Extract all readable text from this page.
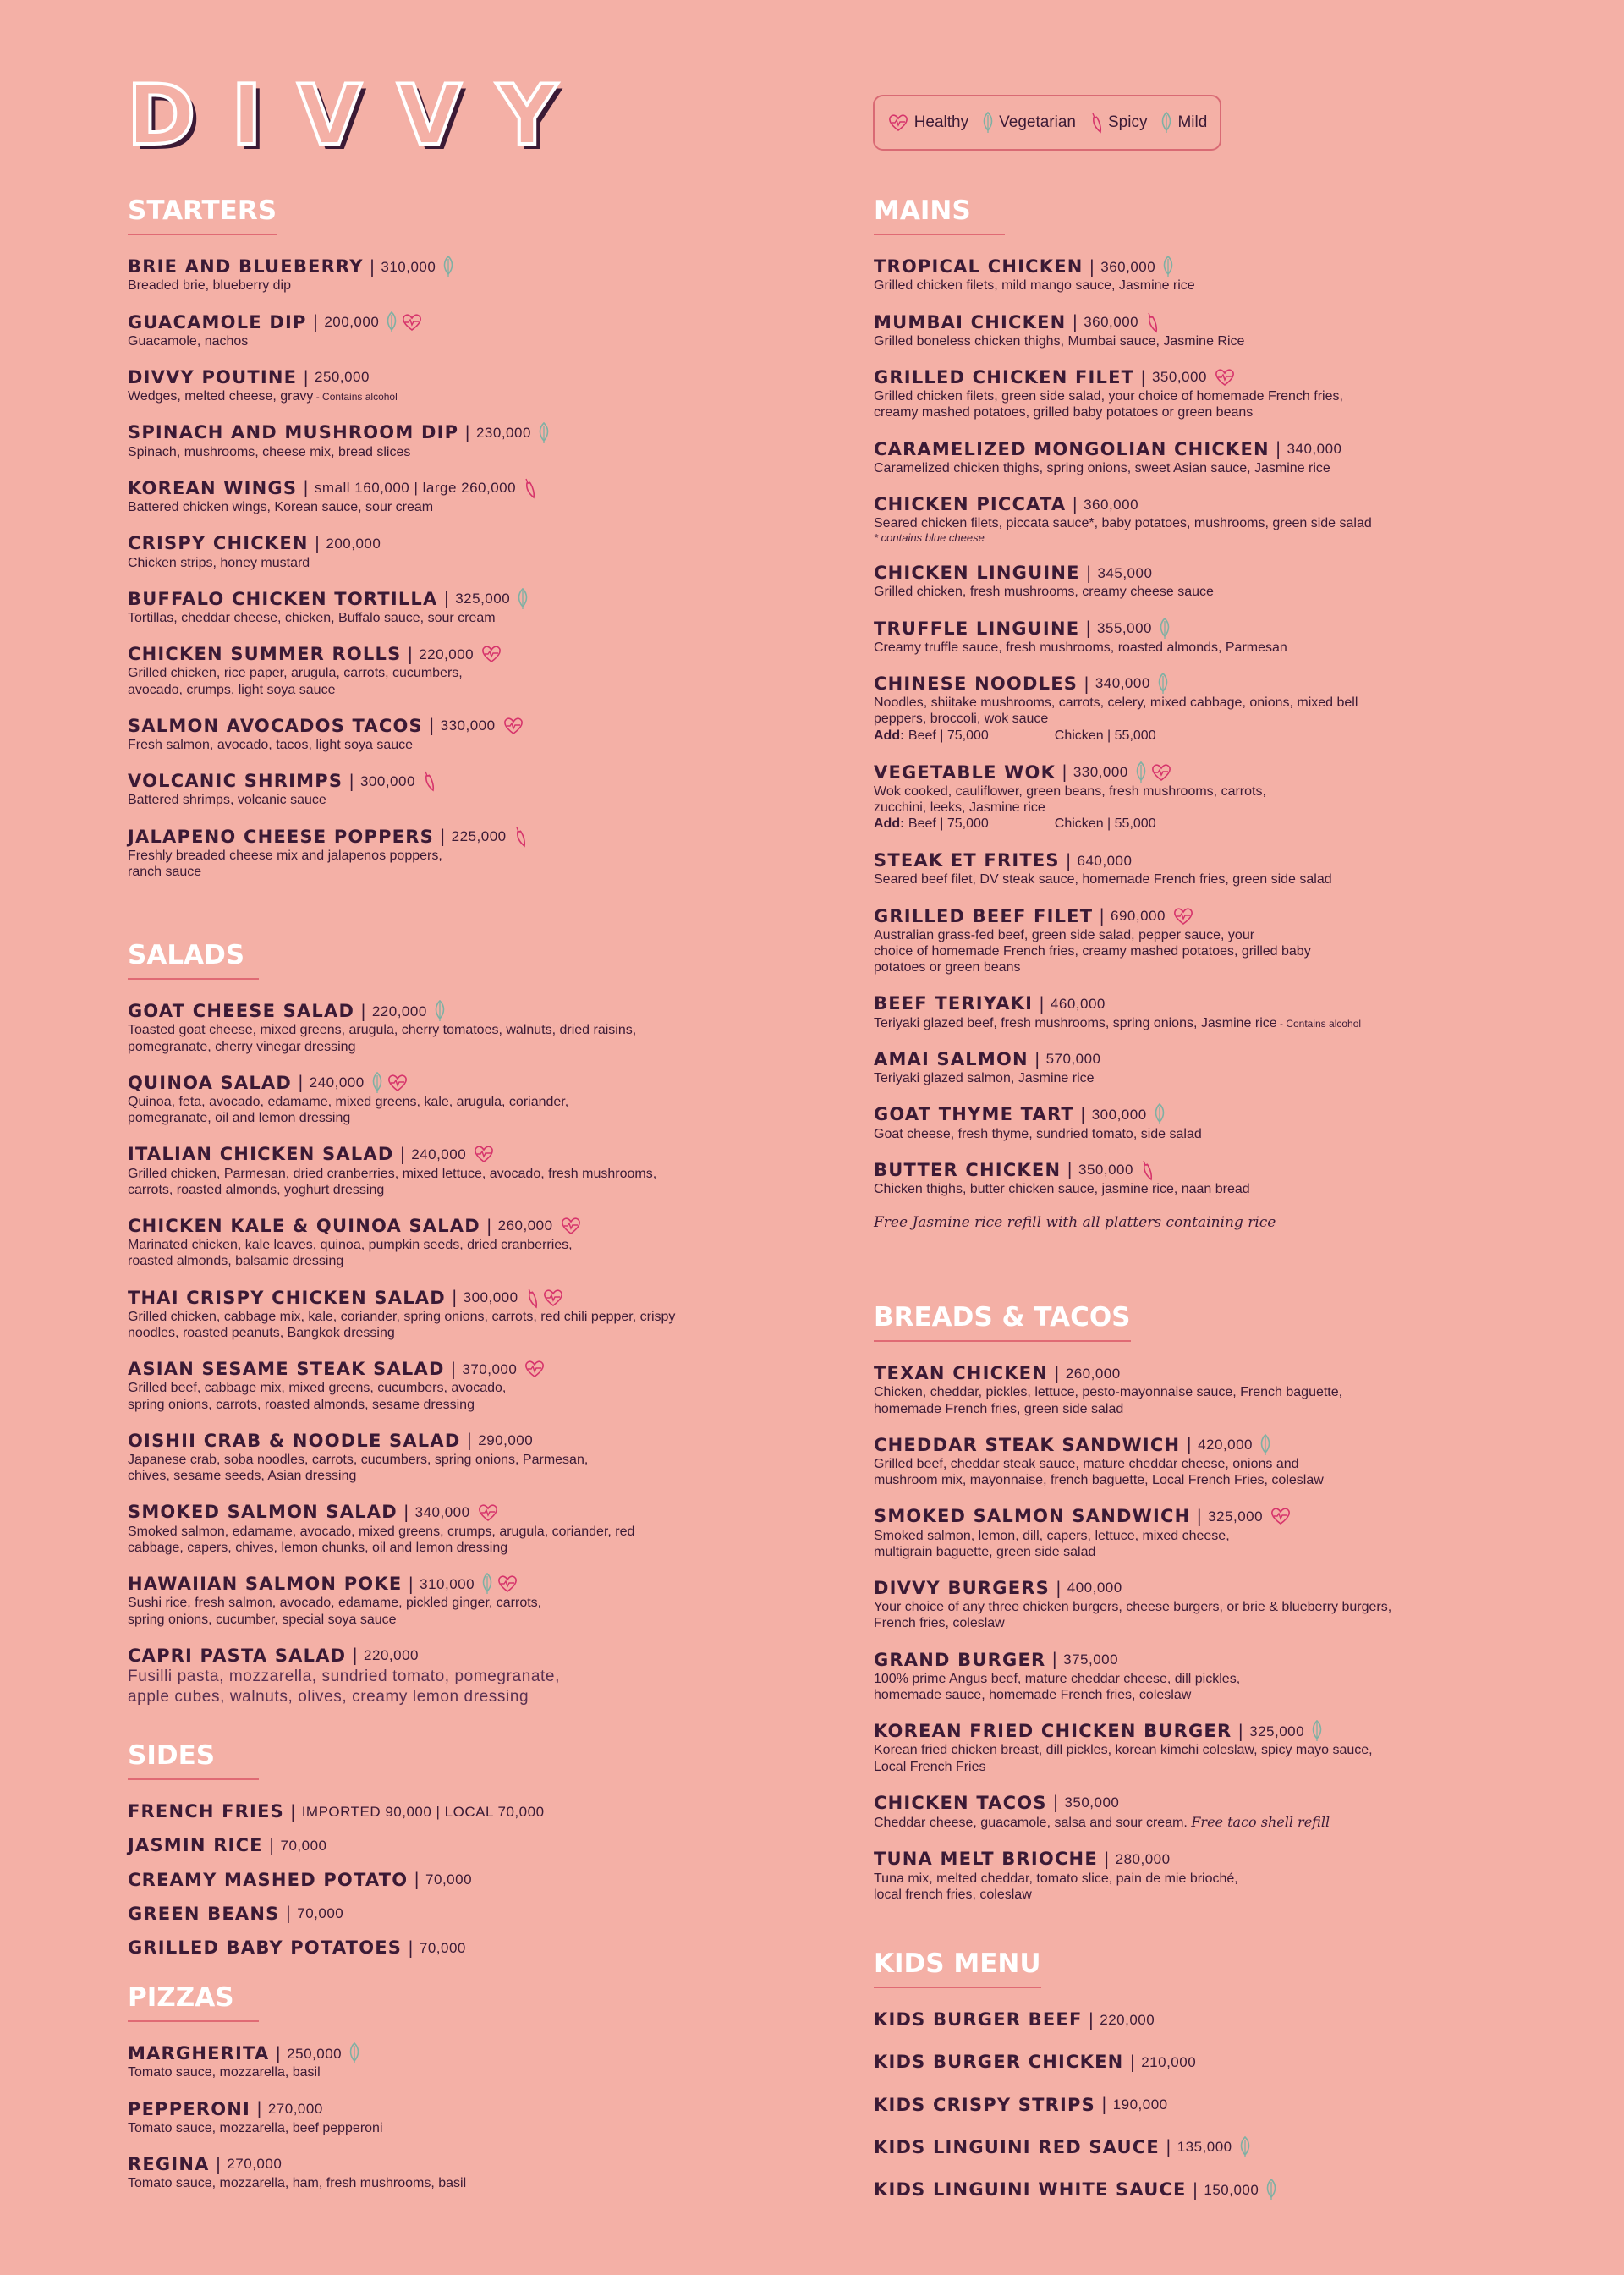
DIVVY	Healthy Vegetarian Spicy Mild
STARTERS
BRIE AND BLUEBERRY | 310,000
Breaded brie, blueberry dip
GUACAMOLE DIP | 200,000
Guacamole, nachos
DIVVY POUTINE | 250,000
Wedges, melted cheese, gravy - Contains alcohol
SPINACH AND MUSHROOM DIP | 230,000
Spinach, mushrooms, cheese mix, bread slices
KOREAN WINGS | small 160,000 | large 260,000
Battered chicken wings, Korean sauce, sour cream
CRISPY CHICKEN | 200,000
Chicken strips, honey mustard
BUFFALO CHICKEN TORTILLA | 325,000
Tortillas, cheddar cheese, chicken, Buffalo sauce, sour cream
CHICKEN SUMMER ROLLS | 220,000
Grilled chicken, rice paper, arugula, carrots, cucumbers,
avocado, crumps, light soya sauce
SALMON AVOCADOS TACOS | 330,000
Fresh salmon, avocado, tacos, light soya sauce
VOLCANIC SHRIMPS | 300,000
Battered shrimps, volcanic sauce
JALAPENO CHEESE POPPERS | 225,000
Freshly breaded cheese mix and jalapenos poppers,
ranch sauce
SALADS
GOAT CHEESE SALAD | 220,000
Toasted goat cheese, mixed greens, arugula, cherry tomatoes, walnuts, dried raisins,
pomegranate, cherry vinegar dressing
QUINOA SALAD | 240,000
Quinoa, feta, avocado, edamame, mixed greens, kale, arugula, coriander,
pomegranate, oil and lemon dressing
ITALIAN CHICKEN SALAD | 240,000
Grilled chicken, Parmesan, dried cranberries, mixed lettuce, avocado, fresh mushrooms,
carrots, roasted almonds, yoghurt dressing
CHICKEN KALE & QUINOA SALAD | 260,000
Marinated chicken, kale leaves, quinoa, pumpkin seeds, dried cranberries,
roasted almonds, balsamic dressing
THAI CRISPY CHICKEN SALAD | 300,000
Grilled chicken, cabbage mix, kale, coriander, spring onions, carrots, red chili pepper, crispy
noodles, roasted peanuts, Bangkok dressing
ASIAN SESAME STEAK SALAD | 370,000
Grilled beef, cabbage mix, mixed greens, cucumbers, avocado,
spring onions, carrots, roasted almonds, sesame dressing
OISHII CRAB & NOODLE SALAD | 290,000
Japanese crab, soba noodles, carrots, cucumbers, spring onions, Parmesan,
chives, sesame seeds, Asian dressing
SMOKED SALMON SALAD | 340,000
Smoked salmon, edamame, avocado, mixed greens, crumps, arugula, coriander, red
cabbage, capers, chives, lemon chunks, oil and lemon dressing
HAWAIIAN SALMON POKE | 310,000
Sushi rice, fresh salmon, avocado, edamame, pickled ginger, carrots,
spring onions, cucumber, special soya sauce
CAPRI PASTA SALAD | 220,000
Fusilli pasta, mozzarella, sundried tomato, pomegranate,
apple cubes, walnuts, olives, creamy lemon dressing
SIDES
FRENCH FRIES | IMPORTED 90,000 | LOCAL 70,000
JASMIN RICE | 70,000
CREAMY MASHED POTATO | 70,000
GREEN BEANS | 70,000
GRILLED BABY POTATOES | 70,000
PIZZAS
MARGHERITA | 250,000
Tomato sauce, mozzarella, basil
PEPPERONI | 270,000
Tomato sauce, mozzarella, beef pepperoni
REGINA | 270,000
Tomato sauce, mozzarella, ham, fresh mushrooms, basil
MAINS
TROPICAL CHICKEN | 360,000
Grilled chicken filets, mild mango sauce, Jasmine rice
MUMBAI CHICKEN | 360,000
Grilled boneless chicken thighs, Mumbai sauce, Jasmine Rice
GRILLED CHICKEN FILET | 350,000
Grilled chicken filets, green side salad, your choice of homemade French fries,
creamy mashed potatoes, grilled baby potatoes or green beans
CARAMELIZED MONGOLIAN CHICKEN | 340,000
Caramelized chicken thighs, spring onions, sweet Asian sauce, Jasmine rice
CHICKEN PICCATA | 360,000
Seared chicken filets, piccata sauce*, baby potatoes, mushrooms, green side salad
* contains blue cheese
CHICKEN LINGUINE | 345,000
Grilled chicken, fresh mushrooms, creamy cheese sauce
TRUFFLE LINGUINE | 355,000
Creamy truffle sauce, fresh mushrooms, roasted almonds, Parmesan
CHINESE NOODLES | 340,000
Noodles, shiitake mushrooms, carrots, celery, mixed cabbage, onions, mixed bell
peppers, broccoli, wok sauce
Add: Beef | 75,000	Chicken | 55,000
VEGETABLE WOK | 330,000
Wok cooked, cauliflower, green beans, fresh mushrooms, carrots,
zucchini, leeks, Jasmine rice
Add: Beef | 75,000	Chicken | 55,000
STEAK ET FRITES | 640,000
Seared beef filet, DV steak sauce, homemade French fries, green side salad
GRILLED BEEF FILET | 690,000
Australian grass-fed beef, green side salad, pepper sauce, your
choice of homemade French fries, creamy mashed potatoes, grilled baby
potatoes or green beans
BEEF TERIYAKI | 460,000
Teriyaki glazed beef, fresh mushrooms, spring onions, Jasmine rice - Contains alcohol
AMAI SALMON | 570,000
Teriyaki glazed salmon, Jasmine rice
GOAT THYME TART | 300,000
Goat cheese, fresh thyme, sundried tomato, side salad
BUTTER CHICKEN | 350,000
Chicken thighs, butter chicken sauce, jasmine rice, naan bread
Free Jasmine rice refill with all platters containing rice
BREADS & TACOS
TEXAN CHICKEN | 260,000
Chicken, cheddar, pickles, lettuce, pesto-mayonnaise sauce, French baguette,
homemade French fries, green side salad
CHEDDAR STEAK SANDWICH | 420,000
Grilled beef, cheddar steak sauce, mature cheddar cheese, onions and
mushroom mix, mayonnaise, french baguette, Local French Fries, coleslaw
SMOKED SALMON SANDWICH | 325,000
Smoked salmon, lemon, dill, capers, lettuce, mixed cheese,
multigrain baguette, green side salad
DIVVY BURGERS | 400,000
Your choice of any three chicken burgers, cheese burgers, or brie & blueberry burgers,
French fries, coleslaw
GRAND BURGER | 375,000
100% prime Angus beef, mature cheddar cheese, dill pickles,
homemade sauce, homemade French fries, coleslaw
KOREAN FRIED CHICKEN BURGER | 325,000
Korean fried chicken breast, dill pickles, korean kimchi coleslaw, spicy mayo sauce,
Local French Fries
CHICKEN TACOS | 350,000
Cheddar cheese, guacamole, salsa and sour cream. Free taco shell refill
TUNA MELT BRIOCHE | 280,000
Tuna mix, melted cheddar, tomato slice, pain de mie brioché,
local french fries, coleslaw
KIDS MENU
KIDS BURGER BEEF | 220,000
KIDS BURGER CHICKEN | 210,000
KIDS CRISPY STRIPS | 190,000
KIDS LINGUINI RED SAUCE | 135,000
KIDS LINGUINI WHITE SAUCE | 150,000
